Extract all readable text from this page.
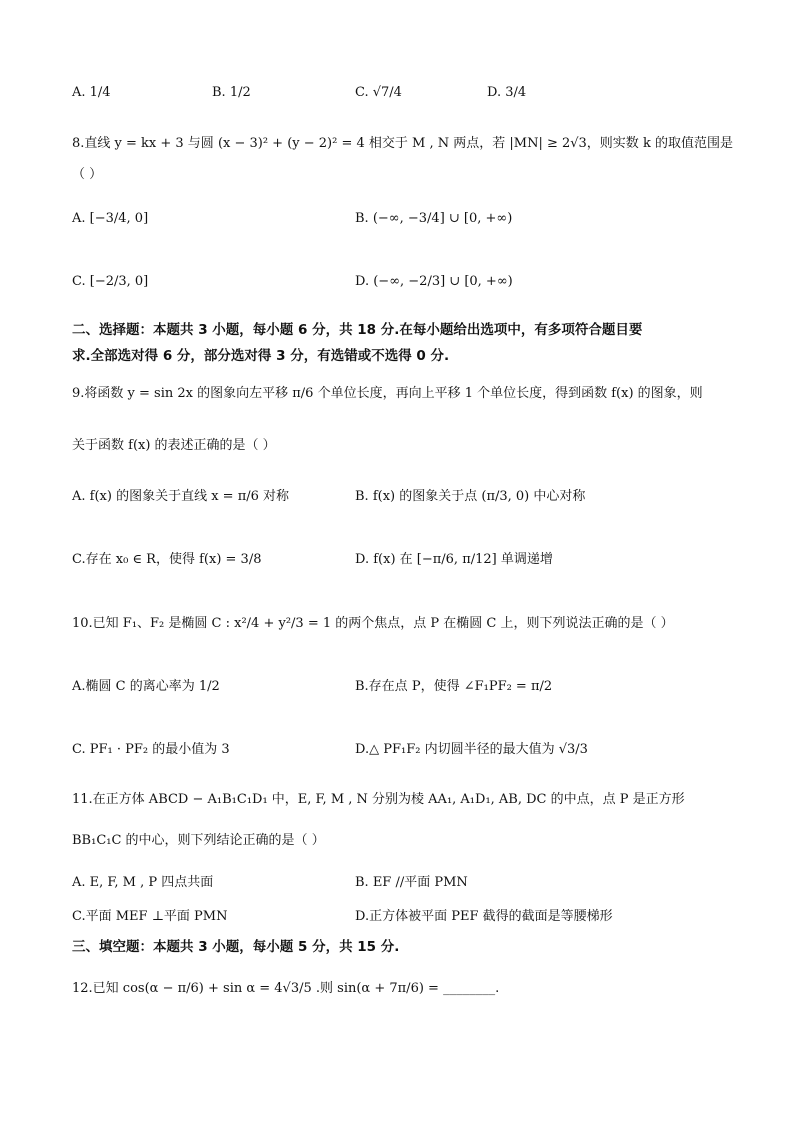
A. 1/4	B. 1/2	C. √7/4	D. 3/4
8.直线 y = kx + 3 与圆 (x − 3)² + (y − 2)² = 4 相交于 M , N 两点，若 |MN| ≥ 2√3，则实数 k 的取值范围是
（ ）
A. [−3/4, 0]	B. (−∞, −3/4] ∪ [0, +∞)
C. [−2/3, 0]	D. (−∞, −2/3] ∪ [0, +∞)
二、选择题：本题共 3 小题，每小题 6 分，共 18 分.在每小题给出选项中，有多项符合题目要
求.全部选对得 6 分，部分选对得 3 分，有选错或不选得 0 分.
9.将函数 y = sin 2x 的图象向左平移 π/6 个单位长度，再向上平移 1 个单位长度，得到函数 f(x) 的图象，则
关于函数 f(x) 的表述正确的是（ ）
A. f(x) 的图象关于直线 x = π/6 对称	B. f(x) 的图象关于点 (π/3, 0) 中心对称
C.存在 x₀ ∈ R，使得 f(x) = 3/8	D. f(x) 在 [−π/6, π/12] 单调递增
10.已知 F₁、F₂ 是椭圆 C : x²/4 + y²/3 = 1 的两个焦点，点 P 在椭圆 C 上，则下列说法正确的是（ ）
A.椭圆 C 的离心率为 1/2	B.存在点 P，使得 ∠F₁PF₂ = π/2
C. PF₁ · PF₂ 的最小值为 3	D.△ PF₁F₂ 内切圆半径的最大值为 √3/3
11.在正方体 ABCD − A₁B₁C₁D₁ 中，E, F, M , N 分别为棱 AA₁, A₁D₁, AB, DC 的中点，点 P 是正方形
BB₁C₁C 的中心，则下列结论正确的是（ ）
A. E, F, M , P 四点共面	B. EF //平面 PMN
C.平面 MEF ⊥平面 PMN	D.正方体被平面 PEF 截得的截面是等腰梯形
三、填空题：本题共 3 小题，每小题 5 分，共 15 分.
12.已知 cos(α − π/6) + sin α = 4√3/5 .则 sin(α + 7π/6) = ________.
